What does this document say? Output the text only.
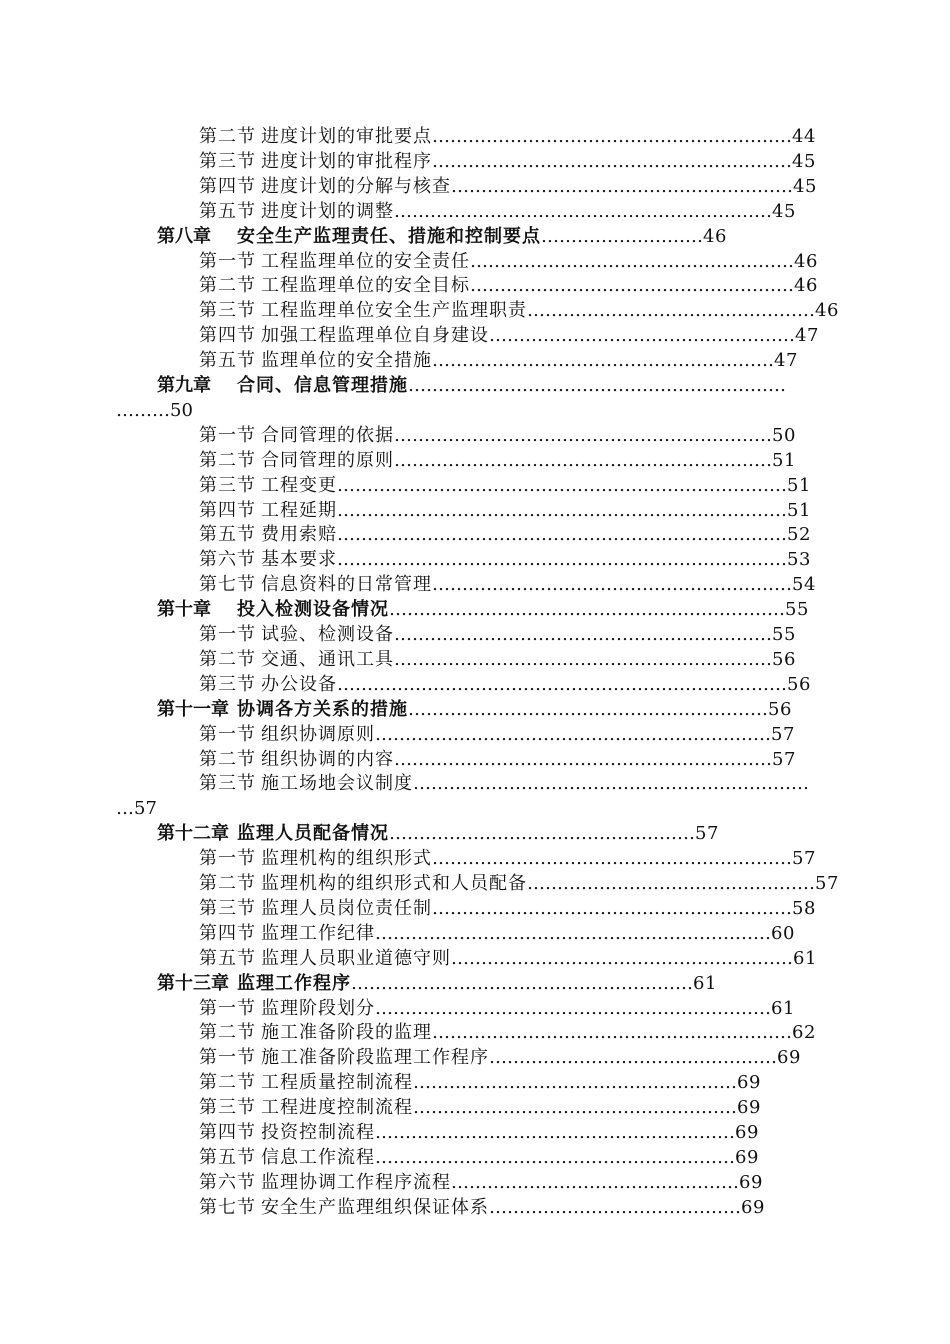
第二节 进度计划的审批要点……………………………………………………44
第三节 进度计划的审批程序……………………………………………………45
第四节 进度计划的分解与核查…………………………………………………45
第五节 进度计划的调整………………………………………………………45
第八章 安全生产监理责任、措施和控制要点………………………46
第一节 工程监理单位的安全责任………………………………………………46
第二节 工程监理单位的安全目标………………………………………………46
第三节 工程监理单位安全生产监理职责…………………………………………46
第四节 加强工程监理单位自身建设……………………………………………47
第五节 监理单位的安全措施…………………………………………………47
第九章 合同、信息管理措施………………………………………………………
………50
第一节 合同管理的依据………………………………………………………50
第二节 合同管理的原则………………………………………………………51
第三节 工程变更…………………………………………………………………51
第四节 工程延期…………………………………………………………………51
第五节 费用索赔…………………………………………………………………52
第六节 基本要求…………………………………………………………………53
第七节 信息资料的日常管理……………………………………………………54
第十章 投入检测设备情况…………………………………………………………55
第一节 试验、检测设备………………………………………………………55
第二节 交通、通讯工具………………………………………………………56
第三节 办公设备…………………………………………………………………56
第十一章 协调各方关系的措施……………………………………………………56
第一节 组织协调原则…………………………………………………………57
第二节 组织协调的内容………………………………………………………57
第三节 施工场地会议制度…………………………………………………………
…57
第十二章 监理人员配备情况……………………………………………57
第一节 监理机构的组织形式……………………………………………………57
第二节 监理机构的组织形式和人员配备…………………………………………57
第三节 监理人员岗位责任制……………………………………………………58
第四节 监理工作纪律…………………………………………………………60
第五节 监理人员职业道德守则…………………………………………………61
第十三章 监理工作程序…………………………………………………61
第一节 监理阶段划分…………………………………………………………61
第二节 施工准备阶段的监理……………………………………………………62
第一节 施工准备阶段监理工作程序…………………………………………69
第二节 工程质量控制流程………………………………………………69
第三节 工程进度控制流程………………………………………………69
第四节 投资控制流程……………………………………………………69
第五节 信息工作流程……………………………………………………69
第六节 监理协调工作程序流程…………………………………………69
第七节 安全生产监理组织保证体系……………………………………69
